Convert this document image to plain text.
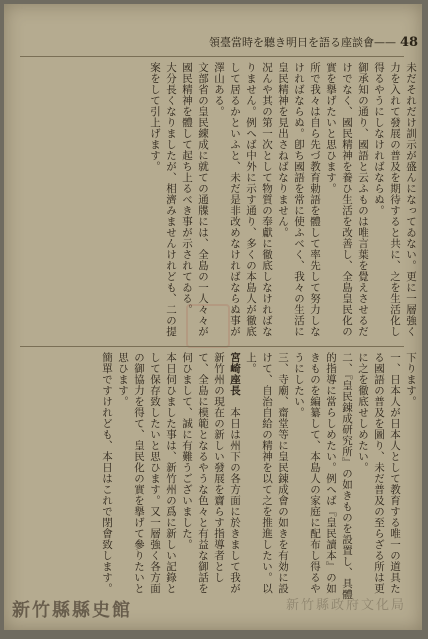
領臺當時を聽き明日を語る座談會—— 48

未だそれだけ訓示が盛んになってゐない。更に一層強く力を入れて發展の普及を期待すると共に、之を生活化し得るやうにしなければならぬ。

御承知の通り、國語と云ふものは唯言葉を覺えさせるだけでなく、國民精神を養ひ生活を改善し、全島皇民化の實を擧げたいと思ひます。

所で我々は自ら先づ教育勅語を體して率先して努力しなければならぬ。卽ち國語を常に使ふべく、我々の生活に皇民精神を見出さねばなりません。

况んや其の第一次として物質の奉獻に徹底しなければなりません。例へば中外に示す通り、多くの本島人が徹底して居るかといふと、未だ是非改めなければならぬ事が澤山ある。

文部省の皇民練成に就ての通牒には、全島の一人々々が國民精神を體して起ち上るべき事が示されてゐる。

大分長くなりましたが、相濟みませんけれども、二の提案をして引上げます。

下ります。

一、日本人が日本人として教育する唯一の道具たる國語の普及を圖り、未だ普及の至らざる所は更に之を徹底せしめたい。

二、『皇民錬成研究所』の如きものを設置し、具體的指導に當らしめたい。例へば『皇民讀本』の如きものを編纂して、本島人の家庭に配布し得るやうにしたい。

三、寺廟、齋堂等に皇民錬成會の如きを有効に設けて、自治自給の精神を以て之を推進したい。以上。

宮崎座長　本日は州下の各方面に於きまして我が新竹州の現在の新しい發展を齎らす指導者として、全島に模範となるやうな色々と有益な御話を伺ひまして、誠に有難うございました。

本日伺ひました事は、新竹州の爲に新しい記錄として保存致したいと思ひます。又一層強く各方面の御協力を得て、皇民化の實を擧げて參りたいと思ひます。

簡單ですけれども、本日はこれで閉會致します。

新竹縣政府文化局
新竹縣縣史館
